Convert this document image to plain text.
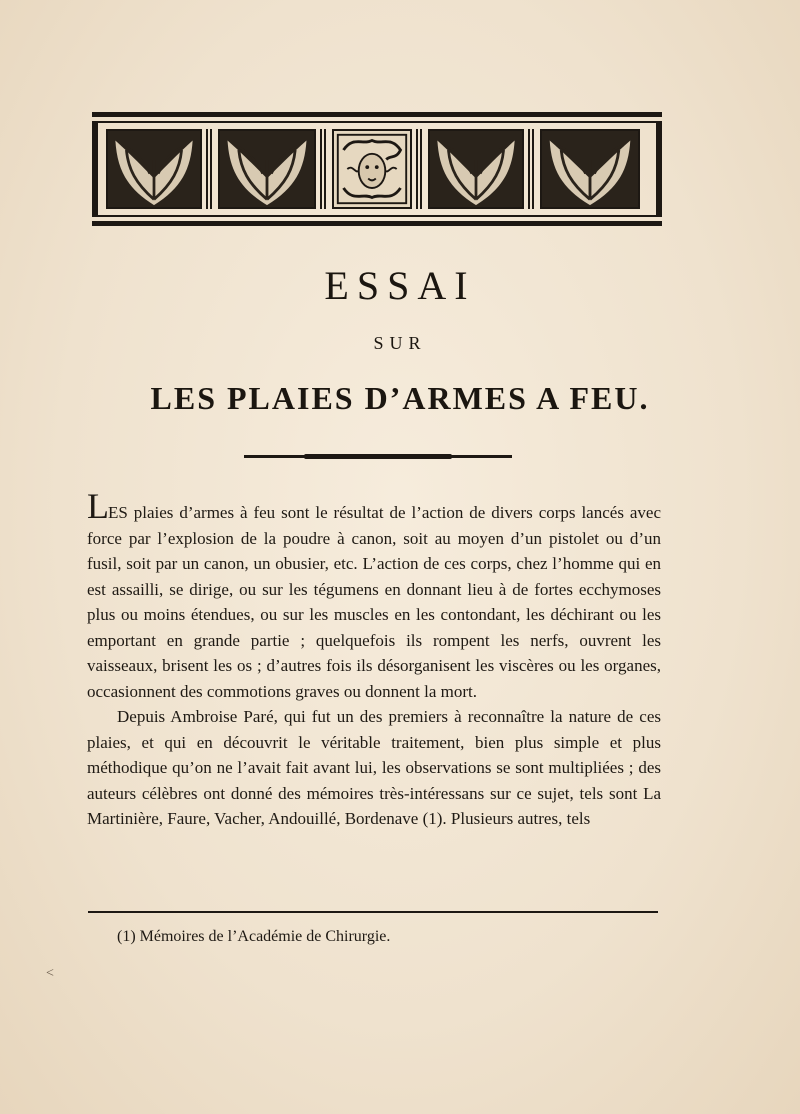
ESSAI
SUR
LES PLAIES D’ARMES A FEU.

LES plaies d’armes à feu sont le résultat de l’action de divers corps lancés avec force par l’explosion de la poudre à canon, soit au moyen d’un pistolet ou d’un fusil, soit par un canon, un obusier, etc. L’action de ces corps, chez l’homme qui en est assailli, se dirige, ou sur les tégumens en donnant lieu à de fortes ecchymoses plus ou moins étendues, ou sur les muscles en les contondant, les déchirant ou les emportant en grande partie ; quelquefois ils rompent les nerfs, ouvrent les vaisseaux, brisent les os ; d’autres fois ils désorganisent les viscères ou les organes, occasionnent des commotions graves ou donnent la mort.

Depuis Ambroise Paré, qui fut un des premiers à reconnaître la nature de ces plaies, et qui en découvrit le véritable traitement, bien plus simple et plus méthodique qu’on ne l’avait fait avant lui, les observations se sont multipliées ; des auteurs célèbres ont donné des mémoires très-intéressans sur ce sujet, tels sont La Martinière, Faure, Vacher, Andouillé, Bordenave (1). Plusieurs autres, tels

(1) Mémoires de l’Académie de Chirurgie.
<
